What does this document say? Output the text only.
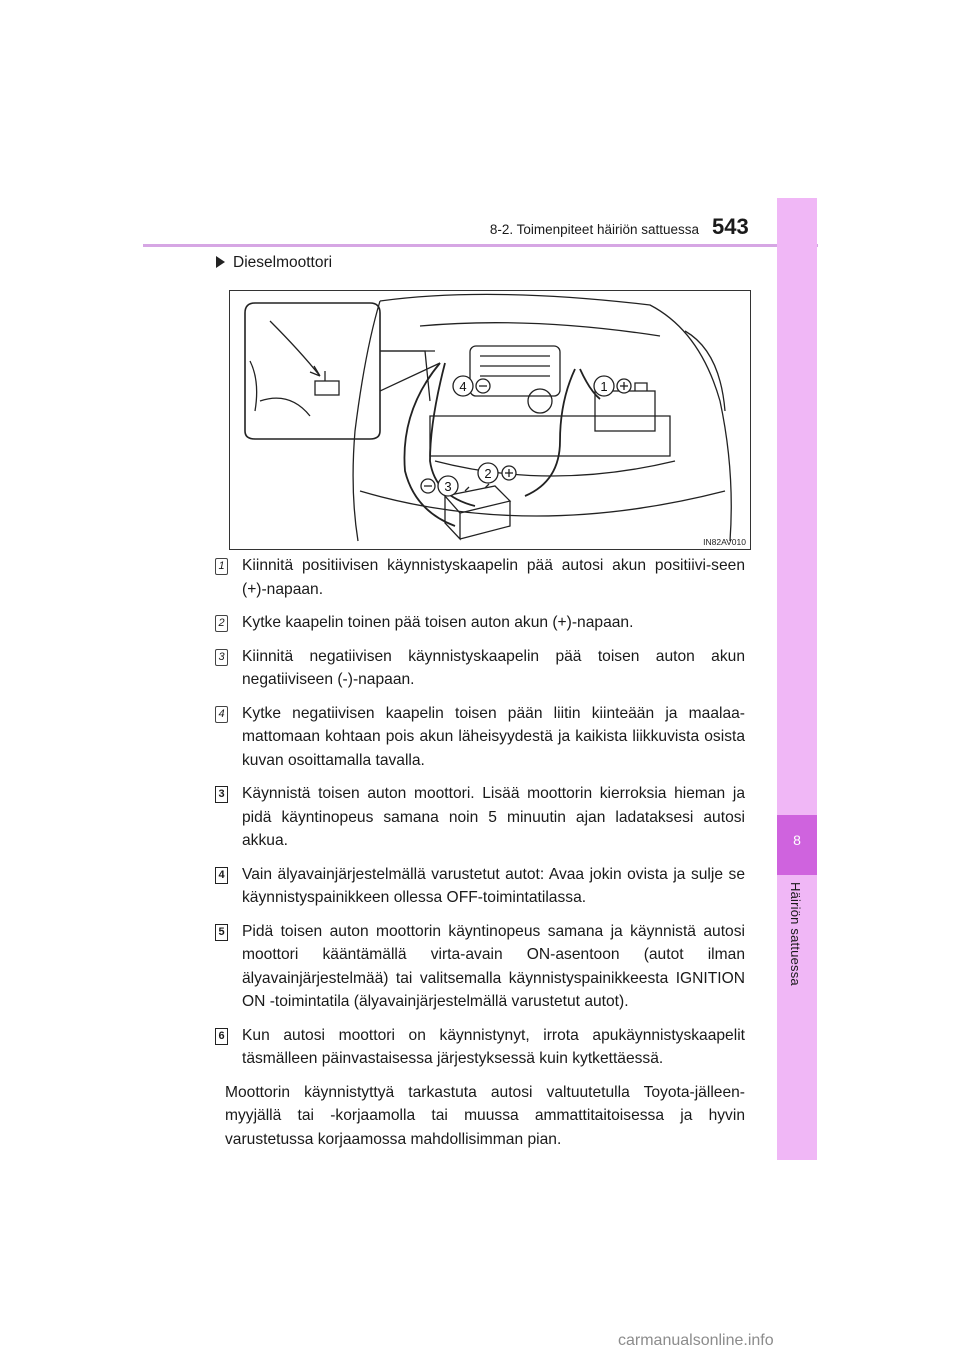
8-2. Toimenpiteet häiriön sattuessa 543
8
Häiriön sattuessa
Dieselmoottori
4	1
2
3
IN82AV010
1 Kiinnitä positiivisen käynnistyskaapelin pää autosi akun positiivi-seen (+)-napaan.
2 Kytke kaapelin toinen pää toisen auton akun (+)-napaan.
3 Kiinnitä negatiivisen käynnistyskaapelin pää toisen auton akun negatiiviseen (-)-napaan.
4 Kytke negatiivisen kaapelin toisen pään liitin kiinteään ja maalaa-mattomaan kohtaan pois akun läheisyydestä ja kaikista liikkuvista osista kuvan osoittamalla tavalla.
3 Käynnistä toisen auton moottori. Lisää moottorin kierroksia hieman ja pidä käyntinopeus samana noin 5 minuutin ajan ladataksesi autosi akkua.
4 Vain älyavainjärjestelmällä varustetut autot: Avaa jokin ovista ja sulje se käynnistyspainikkeen ollessa OFF-toimintatilassa.
5 Pidä toisen auton moottorin käyntinopeus samana ja käynnistä autosi moottori kääntämällä virta-avain ON-asentoon (autot ilman älyavainjärjestelmää) tai valitsemalla käynnistyspainikkeesta IGNITION ON -toimintatila (älyavainjärjestelmällä varustetut autot).
6 Kun autosi moottori on käynnistynyt, irrota apukäynnistyskaapelit täsmälleen päinvastaisessa järjestyksessä kuin kytkettäessä.
Moottorin käynnistyttyä tarkastuta autosi valtuutetulla Toyota-jälleen-myyjällä tai -korjaamolla tai muussa ammattitaitoisessa ja hyvin varustetussa korjaamossa mahdollisimman pian.
carmanualsonline.info
